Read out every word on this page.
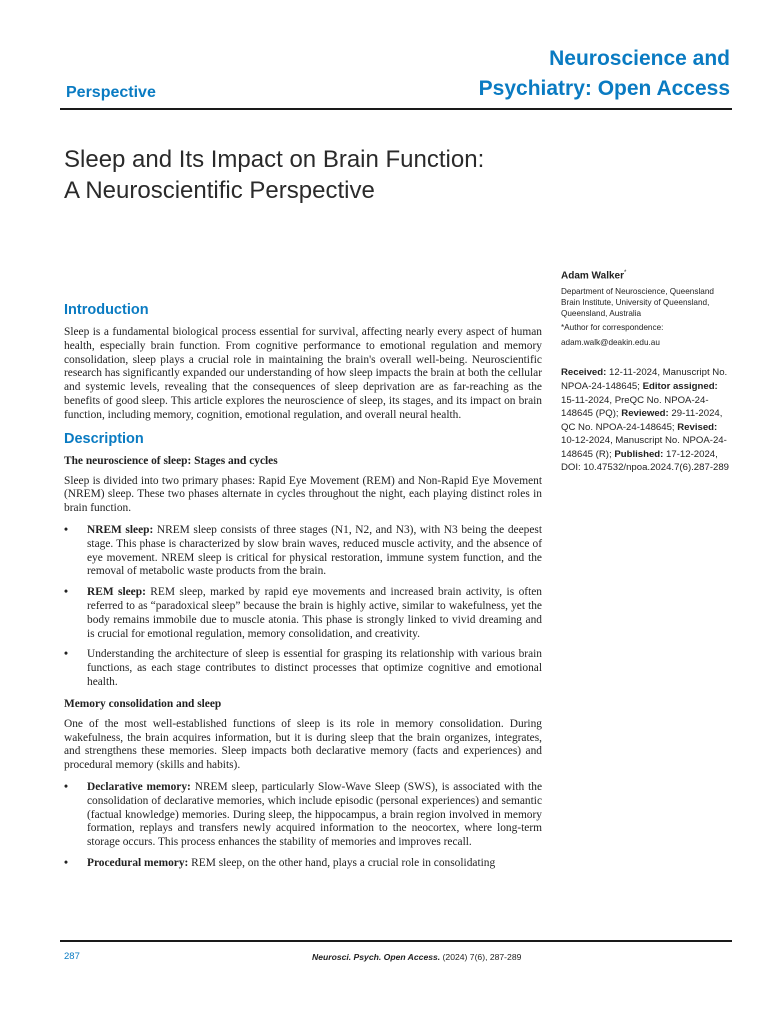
Neuroscience and
Psychiatry: Open Access
Perspective
Sleep and Its Impact on Brain Function:
A Neuroscientific Perspective
Introduction

Sleep is a fundamental biological process essential for survival, affecting nearly every aspect of human health, especially brain function. From cognitive performance to emotional regulation and memory consolidation, sleep plays a crucial role in maintaining the brain's overall well-being. Neuroscientific research has significantly expanded our understanding of how sleep impacts the brain at both the cellular and systemic levels, revealing that the consequences of sleep deprivation are as far-reaching as the benefits of good sleep. This article explores the neuroscience of sleep, its stages, and its impact on brain function, including memory, cognition, emotional regulation, and overall neural health.

Description
The neuroscience of sleep: Stages and cycles

Sleep is divided into two primary phases: Rapid Eye Movement (REM) and Non-Rapid Eye Movement (NREM) sleep. These two phases alternate in cycles throughout the night, each playing distinct roles in brain function.

• NREM sleep: NREM sleep consists of three stages (N1, N2, and N3), with N3 being the deepest stage. This phase is characterized by slow brain waves, reduced muscle activity, and the absence of eye movement. NREM sleep is critical for physical restoration, immune system function, and the removal of metabolic waste products from the brain.
• REM sleep: REM sleep, marked by rapid eye movements and increased brain activity, is often referred to as “paradoxical sleep” because the brain is highly active, similar to wakefulness, yet the body remains immobile due to muscle atonia. This phase is strongly linked to vivid dreaming and is crucial for emotional regulation, memory consolidation, and creativity.
• Understanding the architecture of sleep is essential for grasping its relationship with various brain functions, as each stage contributes to distinct processes that optimize cognitive and emotional health.
Memory consolidation and sleep

One of the most well-established functions of sleep is its role in memory consolidation. During wakefulness, the brain acquires information, but it is during sleep that the brain organizes, integrates, and strengthens these memories. Sleep impacts both declarative memory (facts and experiences) and procedural memory (skills and habits).

• Declarative memory: NREM sleep, particularly Slow-Wave Sleep (SWS), is associated with the consolidation of declarative memories, which include episodic (personal experiences) and semantic (factual knowledge) memories. During sleep, the hippocampus, a brain region involved in memory formation, replays and transfers newly acquired information to the neocortex, where long-term storage occurs. This process enhances the stability of memories and improves recall.
• Procedural memory: REM sleep, on the other hand, plays a crucial role in consolidating
Adam Walker*
Department of Neuroscience, Queensland Brain Institute, University of Queensland, Queensland, Australia
*Author for correspondence:
adam.walk@deakin.edu.au
Received: 12-11-2024, Manuscript No. NPOA-24-148645; Editor assigned: 15-11-2024, PreQC No. NPOA-24-148645 (PQ); Reviewed: 29-11-2024, QC No. NPOA-24-148645; Revised: 10-12-2024, Manuscript No. NPOA-24-148645 (R); Published: 17-12-2024, DOI: 10.47532/npoa.2024.7(6).287-289
287	Neurosci. Psych. Open Access. (2024) 7(6), 287-289
